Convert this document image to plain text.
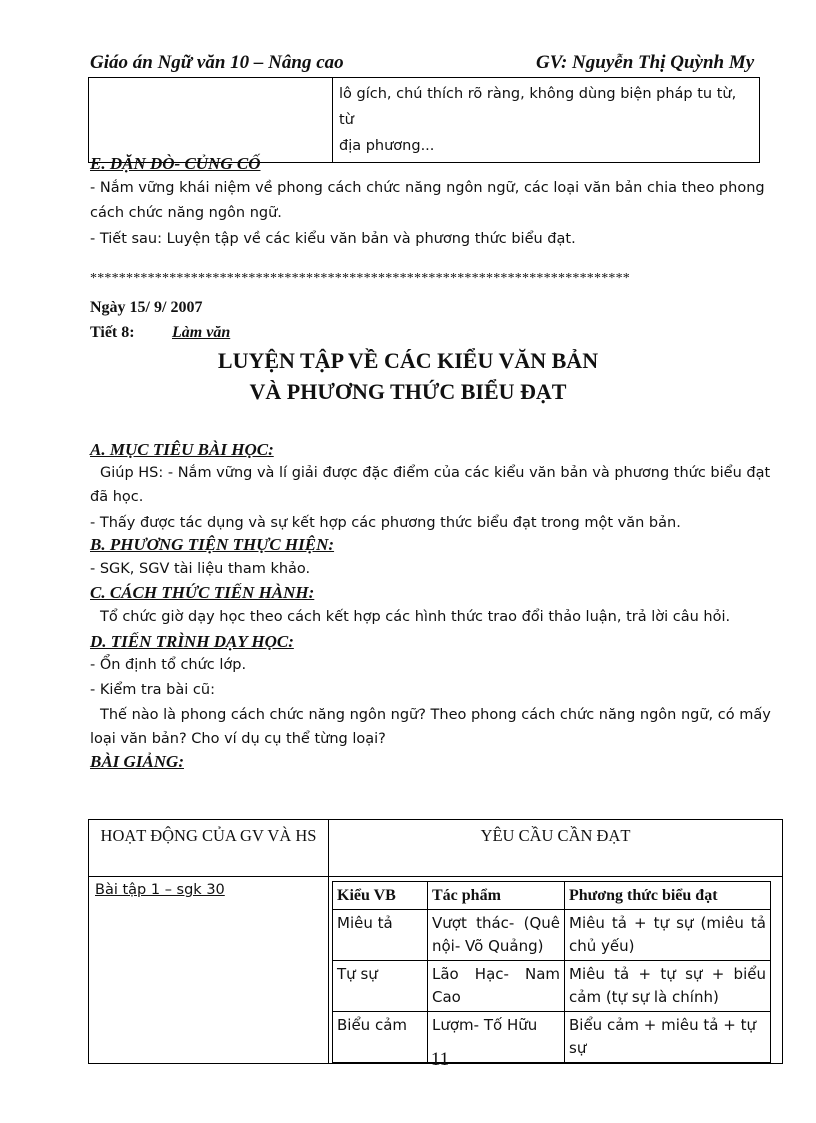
Giáo án Ngữ văn 10 – Nâng cao	GV: Nguyễn Thị Quỳnh My

lô gích, chú thích rõ ràng, không dùng biện pháp tu từ, từ
địa phương...
E. DẶN DÒ- CỦNG CỐ
- Nắm vững khái niệm về phong cách chức năng ngôn ngữ, các loại văn bản chia theo phong
cách chức năng ngôn ngữ.
- Tiết sau: Luyện tập về các kiểu văn bản và phương thức biểu đạt.
***************************************************************************
Ngày 15/ 9/ 2007
Tiết 8: Làm văn
LUYỆN TẬP VỀ CÁC KIỂU VĂN BẢN
VÀ PHƯƠNG THỨC BIỂU ĐẠT
A. MỤC TIÊU BÀI HỌC:
Giúp HS: - Nắm vững và lí giải được đặc điểm của các kiểu văn bản và phương thức biểu đạt
đã học.
- Thấy được tác dụng và sự kết hợp các phương thức biểu đạt trong một văn bản.
B. PHƯƠNG TIỆN THỰC HIỆN:
- SGK, SGV tài liệu tham khảo.
C. CÁCH THỨC TIẾN HÀNH:
Tổ chức giờ dạy học theo cách kết hợp các hình thức trao đổi thảo luận, trả lời câu hỏi.
D. TIẾN TRÌNH DẠY HỌC:
- Ổn định tổ chức lớp.
- Kiểm tra bài cũ:
Thế nào là phong cách chức năng ngôn ngữ? Theo phong cách chức năng ngôn ngữ, có mấy
loại văn bản? Cho ví dụ cụ thể từng loại?
BÀI GIẢNG:
HOẠT ĐỘNG CỦA GV VÀ HS	YÊU CẦU CẦN ĐẠT
Bài tập 1 – sgk 30		Kiểu VB	Tác phẩm	Phương thức biểu đạt
Miêu tả	Vượt thác- (Quê nội- Võ Quảng)	Miêu tả + tự sự (miêu tả chủ yếu)
Tự sự	Lão Hạc- Nam Cao	Miêu tả + tự sự + biểu cảm (tự sự là chính)
Biểu cảm	Lượm- Tố Hữu	Biểu cảm + miêu tả + tự sự
11
